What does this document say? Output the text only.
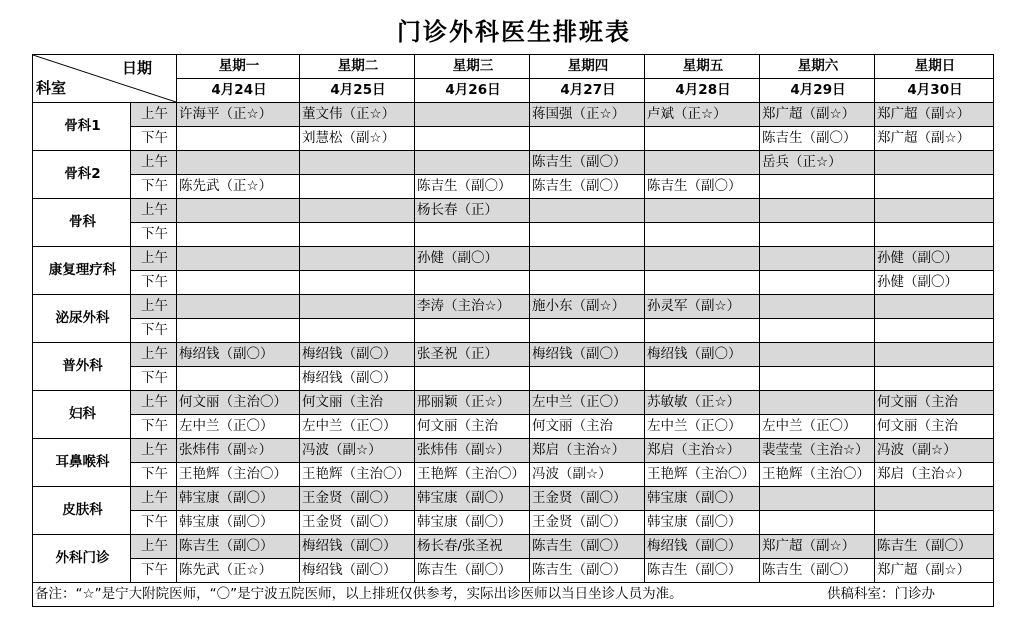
门诊外科医生排班表
日期
科室		星期一	星期二	星期三	星期四	星期五	星期六	星期日
		4月24日	4月25日	4月26日	4月27日	4月28日	4月29日	4月30日
骨科1	上午	许海平（正☆）	董文伟（正☆）		蒋国强（正☆）	卢斌（正☆）	郑广超（副☆）	郑广超（副☆）
	下午		刘慧松（副☆）				陈吉生（副〇）	郑广超（副☆）
骨科2	上午				陈吉生（副〇）		岳兵（正☆）	
	下午	陈先武（正☆）		陈吉生（副〇）	陈吉生（副〇）	陈吉生（副〇）		
骨科	上午			杨长春（正）				
	下午							
康复理疗科	上午			孙健（副〇）				孙健（副〇）
	下午							孙健（副〇）
泌尿外科	上午			李涛（主治☆）	施小东（副☆）	孙灵军（副☆）		
	下午							
普外科	上午	梅绍钱（副〇）	梅绍钱（副〇）	张圣祝（正）	梅绍钱（副〇）	梅绍钱（副〇）		
	下午		梅绍钱（副〇）					
妇科	上午	何文丽（主治〇）	何文丽（主治	邢丽颖（正☆）	左中兰（正〇）	苏敏敏（正☆）		何文丽（主治
	下午	左中兰（正〇）	左中兰（正〇）	何文丽（主治	何文丽（主治	左中兰（正〇）	左中兰（正〇）	何文丽（主治
耳鼻喉科	上午	张炜伟（副☆）	冯波（副☆）	张炜伟（副☆）	郑启（主治☆）	郑启（主治☆）	裴莹莹（主治☆）	冯波（副☆）
	下午	王艳辉（主治〇）	王艳辉（主治〇）	王艳辉（主治〇）	冯波（副☆）	王艳辉（主治〇）	王艳辉（主治〇）	郑启（主治☆）
皮肤科	上午	韩宝康（副〇）	王金贤（副〇）	韩宝康（副〇）	王金贤（副〇）	韩宝康（副〇）		
	下午	韩宝康（副〇）	王金贤（副〇）	韩宝康（副〇）	王金贤（副〇）	韩宝康（副〇）		
外科门诊	上午	陈吉生（副〇）	梅绍钱（副〇）	杨长春/张圣祝	陈吉生（副〇）	梅绍钱（副〇）	郑广超（副☆）	陈吉生（副〇）
	下午	陈先武（正☆）	梅绍钱（副〇）	陈吉生（副〇）	陈吉生（副〇）	陈吉生（副〇）	陈吉生（副〇）	郑广超（副☆）
备注：“☆”是宁大附院医师，“〇”是宁波五院医师，以上排班仅供参考，实际出诊医师以当日坐诊人员为准。 供稿科室：门诊办								
